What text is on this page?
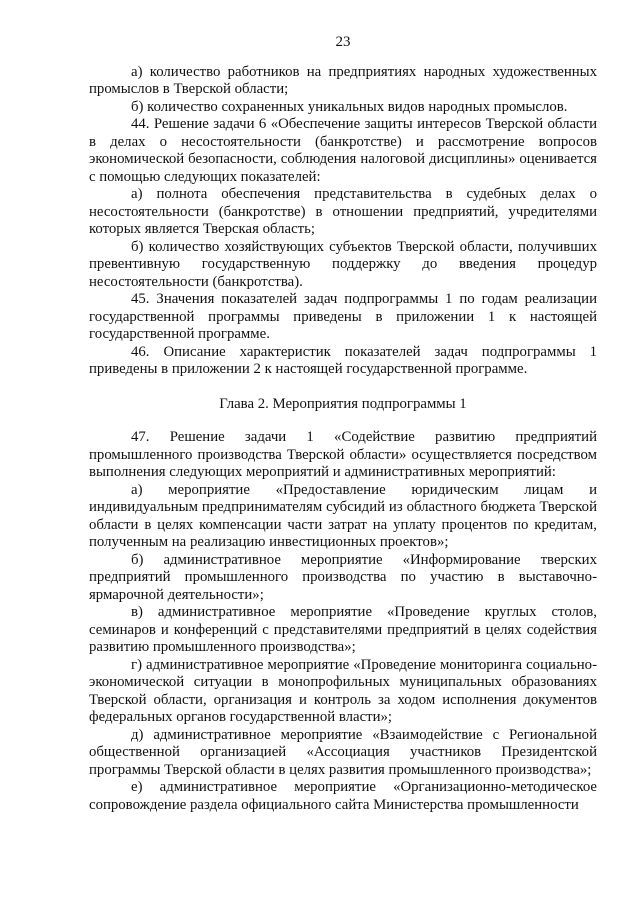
23

а) количество работников на предприятиях народных художественных промыслов в Тверской области;

б) количество сохраненных уникальных видов народных промыслов.

44. Решение задачи 6 «Обеспечение защиты интересов Тверской области в делах о несостоятельности (банкротстве) и рассмотрение вопросов экономической безопасности, соблюдения налоговой дисциплины» оценивается с помощью следующих показателей:

а) полнота обеспечения представительства в судебных делах о несостоятельности (банкротстве) в отношении предприятий, учредителями которых является Тверская область;

б) количество хозяйствующих субъектов Тверской области, получивших превентивную государственную поддержку до введения процедур несостоятельности (банкротства).

45. Значения показателей задач подпрограммы 1 по годам реализации государственной программы приведены в приложении 1 к настоящей государственной программе.

46. Описание характеристик показателей задач подпрограммы 1 приведены в приложении 2 к настоящей государственной программе.

Глава 2. Мероприятия подпрограммы 1

47. Решение задачи 1 «Содействие развитию предприятий промышленного производства Тверской области» осуществляется посредством выполнения следующих мероприятий и административных мероприятий:

а) мероприятие «Предоставление юридическим лицам и индивидуальным предпринимателям субсидий из областного бюджета Тверской области в целях компенсации части затрат на уплату процентов по кредитам, полученным на реализацию инвестиционных проектов»;

б) административное мероприятие «Информирование тверских предприятий промышленного производства по участию в выставочно-ярмарочной деятельности»;

в) административное мероприятие «Проведение круглых столов, семинаров и конференций с представителями предприятий в целях содействия развитию промышленного производства»;

г) административное мероприятие «Проведение мониторинга социально-экономической ситуации в монопрофильных муниципальных образованиях Тверской области, организация и контроль за ходом исполнения документов федеральных органов государственной власти»;

д) административное мероприятие «Взаимодействие с Региональной общественной организацией «Ассоциация участников Президентской программы Тверской области в целях развития промышленного производства»;

е) административное мероприятие «Организационно-методическое сопровождение раздела официального сайта Министерства промышленности
